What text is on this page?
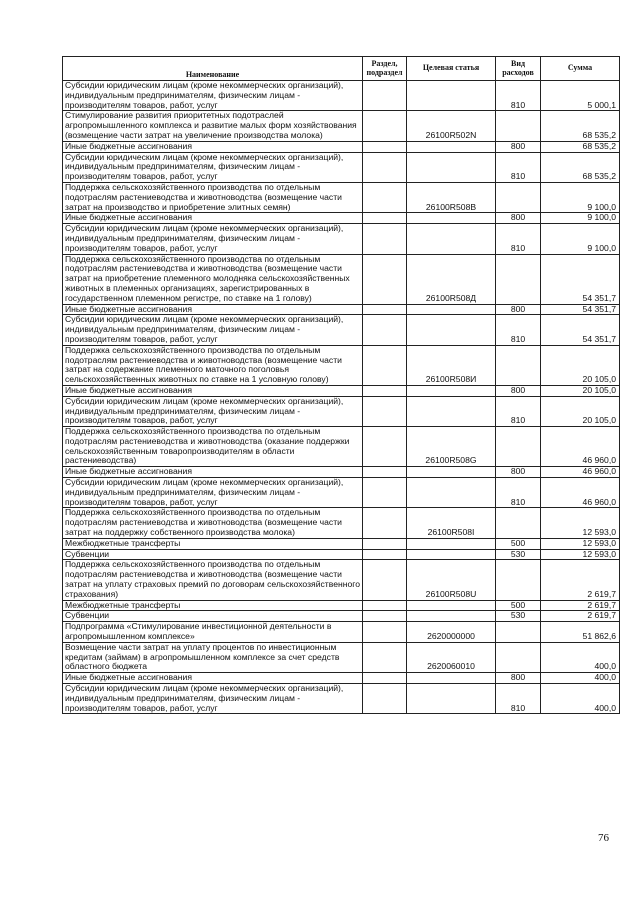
Наименование	Раздел, подраздел	Целевая статья	Вид расходов	Сумма
Субсидии юридическим лицам (кроме некоммерческих организаций), индивидуальным предпринимателям, физическим лицам - производителям товаров, работ, услуг			810	5 000,1
Стимулирование развития приоритетных подотраслей агропромышленного комплекса и развитие малых форм хозяйствования (возмещение части затрат на увеличение производства молока)		26100R502N		68 535,2
Иные бюджетные ассигнования			800	68 535,2
Субсидии юридическим лицам (кроме некоммерческих организаций), индивидуальным предпринимателям, физическим лицам - производителям товаров, работ, услуг			810	68 535,2
Поддержка сельскохозяйственного производства по отдельным подотраслям растениеводства и животноводства (возмещение части затрат на производство и приобретение элитных семян)		26100R508B		9 100,0
Иные бюджетные ассигнования			800	9 100,0
Субсидии юридическим лицам (кроме некоммерческих организаций), индивидуальным предпринимателям, физическим лицам - производителям товаров, работ, услуг			810	9 100,0
Поддержка сельскохозяйственного производства по отдельным подотраслям растениеводства и животноводства (возмещение части затрат на приобретение племенного молодняка сельскохозяйственных животных в племенных организациях, зарегистрированных в государственном племенном регистре, по ставке на 1 голову)		26100R508Д		54 351,7
Иные бюджетные ассигнования			800	54 351,7
Субсидии юридическим лицам (кроме некоммерческих организаций), индивидуальным предпринимателям, физическим лицам - производителям товаров, работ, услуг			810	54 351,7
Поддержка сельскохозяйственного производства по отдельным подотраслям растениеводства и животноводства (возмещение части затрат на содержание племенного маточного поголовья сельскохозяйственных животных по ставке на 1 условную голову)		26100R508И		20 105,0
Иные бюджетные ассигнования			800	20 105,0
Субсидии юридическим лицам (кроме некоммерческих организаций), индивидуальным предпринимателям, физическим лицам - производителям товаров, работ, услуг			810	20 105,0
Поддержка сельскохозяйственного производства по отдельным подотраслям растениеводства и животноводства (оказание поддержки сельскохозяйственным товаропроизводителям в области растениеводства)		26100R508G		46 960,0
Иные бюджетные ассигнования			800	46 960,0
Субсидии юридическим лицам (кроме некоммерческих организаций), индивидуальным предпринимателям, физическим лицам - производителям товаров, работ, услуг			810	46 960,0
Поддержка сельскохозяйственного производства по отдельным подотраслям растениеводства и животноводства (возмещение части затрат на поддержку собственного производства молока)		26100R508I		12 593,0
Межбюджетные трансферты			500	12 593,0
Субвенции			530	12 593,0
Поддержка сельскохозяйственного производства по отдельным подотраслям растениеводства и животноводства (возмещение части затрат на уплату страховых премий по договорам сельскохозяйственного страхования)		26100R508U		2 619,7
Межбюджетные трансферты			500	2 619,7
Субвенции			530	2 619,7
Подпрограмма «Стимулирование инвестиционной деятельности в агропромышленном комплексе»		2620000000		51 862,6
Возмещение части затрат на уплату процентов по инвестиционным кредитам (займам) в агропромышленном комплексе за счет средств областного бюджета		2620060010		400,0
Иные бюджетные ассигнования			800	400,0
Субсидии юридическим лицам (кроме некоммерческих организаций), индивидуальным предпринимателям, физическим лицам - производителям товаров, работ, услуг			810	400,0
76
